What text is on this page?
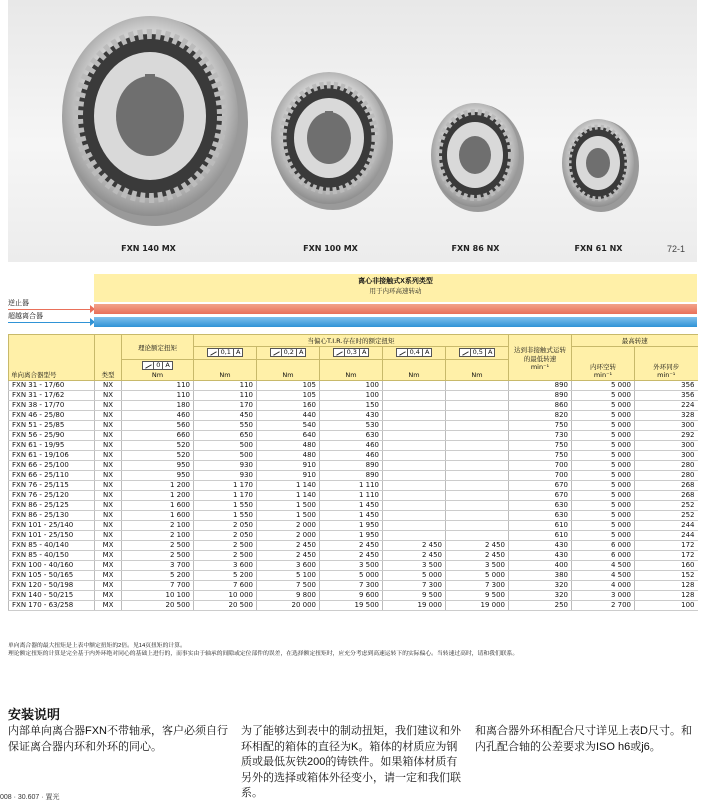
FXN 140 MX	FXN 100 MX	FXN 86 NX	FXN 61 NX	72-1
离心非接触式X系列类型
用于内环高速转动
逆止器
超越离合器
单向离合器型号	类型	理论额定扭矩	当偏心T.I.R.存在时的额定扭矩					达到非接触式运转的最低转速
min⁻¹	最高转速	

			0,1 A	0,2 A	0,3 A	0,4 A	0,5 A		内环空转
min⁻¹	外环同步
min⁻¹

		0 A

Nm	Nm	Nm	Nm	Nm	Nm			
FXN 31 - 17/60	NX	110	110	105	100			890	5 000	356
FXN 31 - 17/62	NX	110	110	105	100			890	5 000	356
FXN 38 - 17/70	NX	180	170	160	150			860	5 000	224
FXN 46 - 25/80	NX	460	450	440	430			820	5 000	328
FXN 51 - 25/85	NX	560	550	540	530			750	5 000	300
FXN 56 - 25/90	NX	660	650	640	630			730	5 000	292
FXN 61 - 19/95	NX	520	500	480	460			750	5 000	300
FXN 61 - 19/106	NX	520	500	480	460			750	5 000	300
FXN 66 - 25/100	NX	950	930	910	890			700	5 000	280
FXN 66 - 25/110	NX	950	930	910	890			700	5 000	280
FXN 76 - 25/115	NX	1 200	1 170	1 140	1 110			670	5 000	268
FXN 76 - 25/120	NX	1 200	1 170	1 140	1 110			670	5 000	268
FXN 86 - 25/125	NX	1 600	1 550	1 500	1 450			630	5 000	252
FXN 86 - 25/130	NX	1 600	1 550	1 500	1 450			630	5 000	252
FXN 101 - 25/140	NX	2 100	2 050	2 000	1 950			610	5 000	244
FXN 101 - 25/150	NX	2 100	2 050	2 000	1 950			610	5 000	244
FXN 85 - 40/140	MX	2 500	2 500	2 450	2 450	2 450	2 450	430	6 000	172
FXN 85 - 40/150	MX	2 500	2 500	2 450	2 450	2 450	2 450	430	6 000	172
FXN 100 - 40/160	MX	3 700	3 600	3 600	3 500	3 500	3 500	400	4 500	160
FXN 105 - 50/165	MX	5 200	5 200	5 100	5 000	5 000	5 000	380	4 500	152
FXN 120 - 50/198	MX	7 700	7 600	7 500	7 300	7 300	7 300	320	4 000	128
FXN 140 - 50/215	MX	10 100	10 000	9 800	9 600	9 500	9 500	320	3 000	128
FXN 170 - 63/258	MX	20 500	20 500	20 000	19 500	19 000	19 000	250	2 700	100
单向离合器的最大扭矩是上表中额定扭矩的2倍。见14页扭矩的计算。
理论额定扭矩的计算是完全基于内外环绝对同心的基础上进行的，而事实由于轴承的间隙或定位部件的误差，在选择额定扭矩时，应充分考虑到高速运转下的实际偏心。当转速过高时，请和我们联系。
安装说明
内部单向离合器FXN不带轴承，客户必须自行保证离合器内环和外环的同心。
为了能够达到表中的制动扭矩，我们建议和外环相配的箱体的直径为K。箱体的材质应为钢质或最低灰铁200的铸铁件。如果箱体材质有另外的选择或箱体外径变小，请一定和我们联系。
和离合器外环相配合尺寸详见上表D尺寸。和内孔配合轴的公差要求为ISO h6或j6。
008 · 30.607 · 置光
